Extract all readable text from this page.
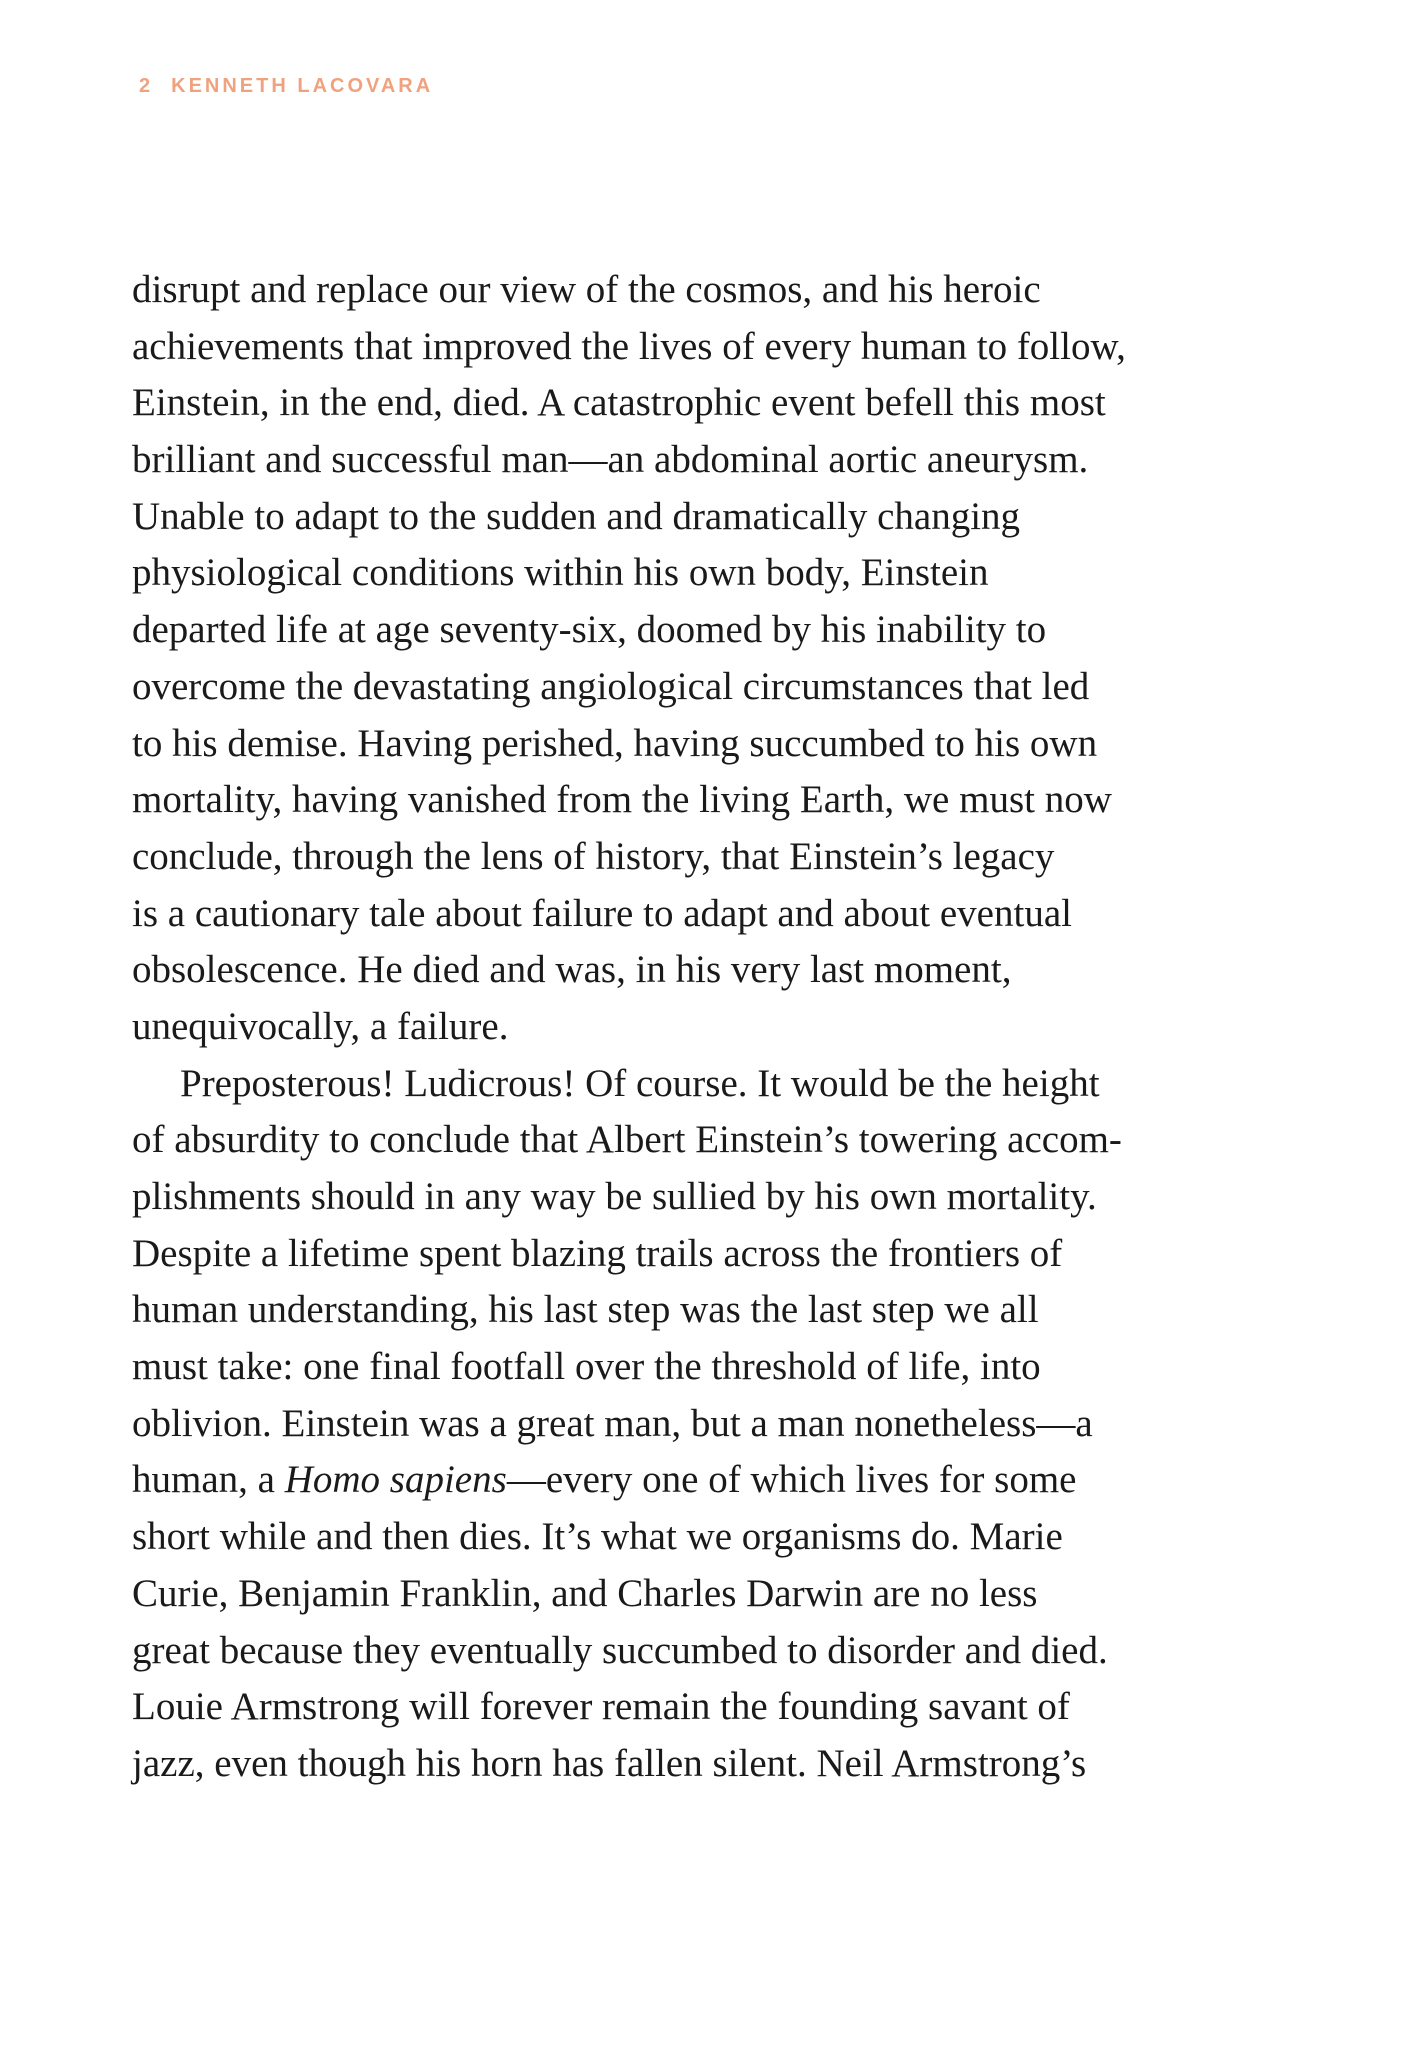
2 KENNETH LACOVARA
disrupt and replace our view of the cosmos, and his heroic
achievements that improved the lives of every human to follow,
Einstein, in the end, died. A catastrophic event befell this most
brilliant and successful man—an abdominal aortic aneurysm.
Unable to adapt to the sudden and dramatically changing
physiological conditions within his own body, Einstein
departed life at age seventy-six, doomed by his inability to
overcome the devastating angiological circumstances that led
to his demise. Having perished, having succumbed to his own
mortality, having vanished from the living Earth, we must now
conclude, through the lens of history, that Einstein’s legacy
is a cautionary tale about failure to adapt and about eventual
obsolescence. He died and was, in his very last moment,
unequivocally, a failure.
Preposterous! Ludicrous! Of course. It would be the height
of absurdity to conclude that Albert Einstein’s towering accom-
plishments should in any way be sullied by his own mortality.
Despite a lifetime spent blazing trails across the frontiers of
human understanding, his last step was the last step we all
must take: one final footfall over the threshold of life, into
oblivion. Einstein was a great man, but a man nonetheless—a
human, a Homo sapiens—every one of which lives for some
short while and then dies. It’s what we organisms do. Marie
Curie, Benjamin Franklin, and Charles Darwin are no less
great because they eventually succumbed to disorder and died.
Louie Armstrong will forever remain the founding savant of
jazz, even though his horn has fallen silent. Neil Armstrong’s
